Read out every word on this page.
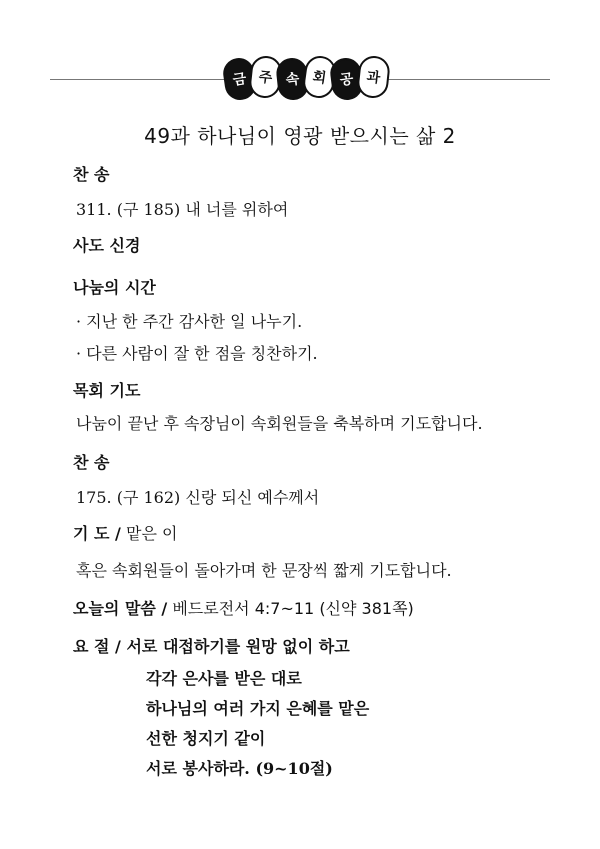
금 주 속 회 공 과
49과 하나님이 영광 받으시는 삶 2
찬 송
311. (구 185) 내 너를 위하여
사도 신경
나눔의 시간
· 지난 한 주간 감사한 일 나누기.
· 다른 사람이 잘 한 점을 칭찬하기.
목회 기도
나눔이 끝난 후 속장님이 속회원들을 축복하며 기도합니다.
찬 송
175. (구 162) 신랑 되신 예수께서
기 도 / 맡은 이
혹은 속회원들이 돌아가며 한 문장씩 짧게 기도합니다.
오늘의 말씀 / 베드로전서 4:7~11 (신약 381쪽)
요 절 / 서로 대접하기를 원망 없이 하고
각각 은사를 받은 대로
하나님의 여러 가지 은혜를 맡은
선한 청지기 같이
서로 봉사하라. (9~10절)
